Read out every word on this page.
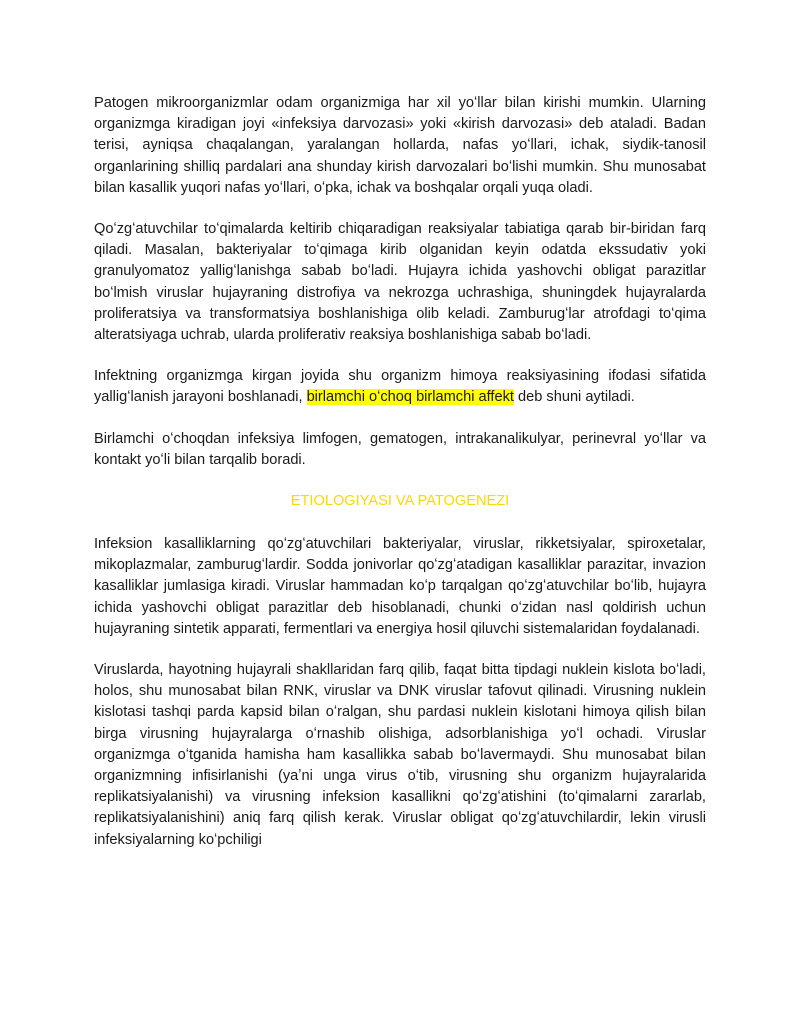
Patogen mikroorganizmlar odam organizmiga har xil yoʻllar bilan kirishi mumkin. Ularning organizmga kiradigan joyi «infeksiya darvozasi» yoki «kirish darvozasi» deb ataladi. Badan terisi, ayniqsa chaqalangan, yaralangan hollarda, nafas yoʻllari, ichak, siydik-tanosil organlarining shilliq pardalari ana shunday kirish darvozalari boʻlishi mumkin. Shu munosabat bilan kasallik yuqori nafas yoʻllari, oʻpka, ichak va boshqalar orqali yuqa oladi.

Qoʻzgʻatuvchilar toʻqimalarda keltirib chiqaradigan reaksiyalar tabiatiga qarab bir-biridan farq qiladi. Masalan, bakteriyalar toʻqimaga kirib olganidan keyin odatda ekssudativ yoki granulyomatoz yalligʻlanishga sabab boʻladi. Hujayra ichida yashovchi obligat parazitlar boʻlmish viruslar hujayraning distrofiya va nekrozga uchrashiga, shuningdek hujayralarda proliferatsiya va transformatsiya boshlanishiga olib keladi. Zamburugʻlar atrofdagi toʻqima alteratsiyaga uchrab, ularda proliferativ reaksiya boshlanishiga sabab boʻladi.

Infektning organizmga kirgan joyida shu organizm himoya reaksiyasining ifodasi sifatida yalligʻlanish jarayoni boshlanadi, birlamchi oʻchoq birlamchi affekt deb shuni aytiladi.

Birlamchi oʻchoqdan infeksiya limfogen, gematogen, intrakanalikulyar, perinevral yoʻllar va kontakt yoʻli bilan tarqalib boradi.

ETIOLOGIYASI VA PATOGENEZI

Infeksion kasalliklarning qoʻzgʻatuvchilari bakteriyalar, viruslar, rikketsiyalar, spiroxetalar, mikoplazmalar, zamburugʻlardir. Sodda jonivorlar qoʻzgʻatadigan kasalliklar parazitar, invazion kasalliklar jumlasiga kiradi. Viruslar hammadan koʻp tarqalgan qoʻzgʻatuvchilar boʻlib, hujayra ichida yashovchi obligat parazitlar deb hisoblanadi, chunki oʻzidan nasl qoldirish uchun hujayraning sintetik apparati, fermentlari va energiya hosil qiluvchi sistemalaridan foydalanadi.

Viruslarda, hayotning hujayrali shakllaridan farq qilib, faqat bitta tipdagi nuklein kislota boʻladi, holos, shu munosabat bilan RNK, viruslar va DNK viruslar tafovut qilinadi. Virusning nuklein kislotasi tashqi parda kapsid bilan oʻralgan, shu pardasi nuklein kislotani himoya qilish bilan birga virusning hujayralarga oʻrnashib olishiga, adsorblanishiga yoʻl ochadi. Viruslar organizmga oʻtganida hamisha ham kasallikka sabab boʻlavermaydi. Shu munosabat bilan organizmning infisirlanishi (yaʼni unga virus oʻtib, virusning shu organizm hujayralarida replikatsiyalanishi) va virusning infeksion kasallikni qoʻzgʻatishini (toʻqimalarni zararlab, replikatsiyalanishini) aniq farq qilish kerak. Viruslar obligat qoʻzgʻatuvchilardir, lekin virusli infeksiyalarning koʻpchiligi
